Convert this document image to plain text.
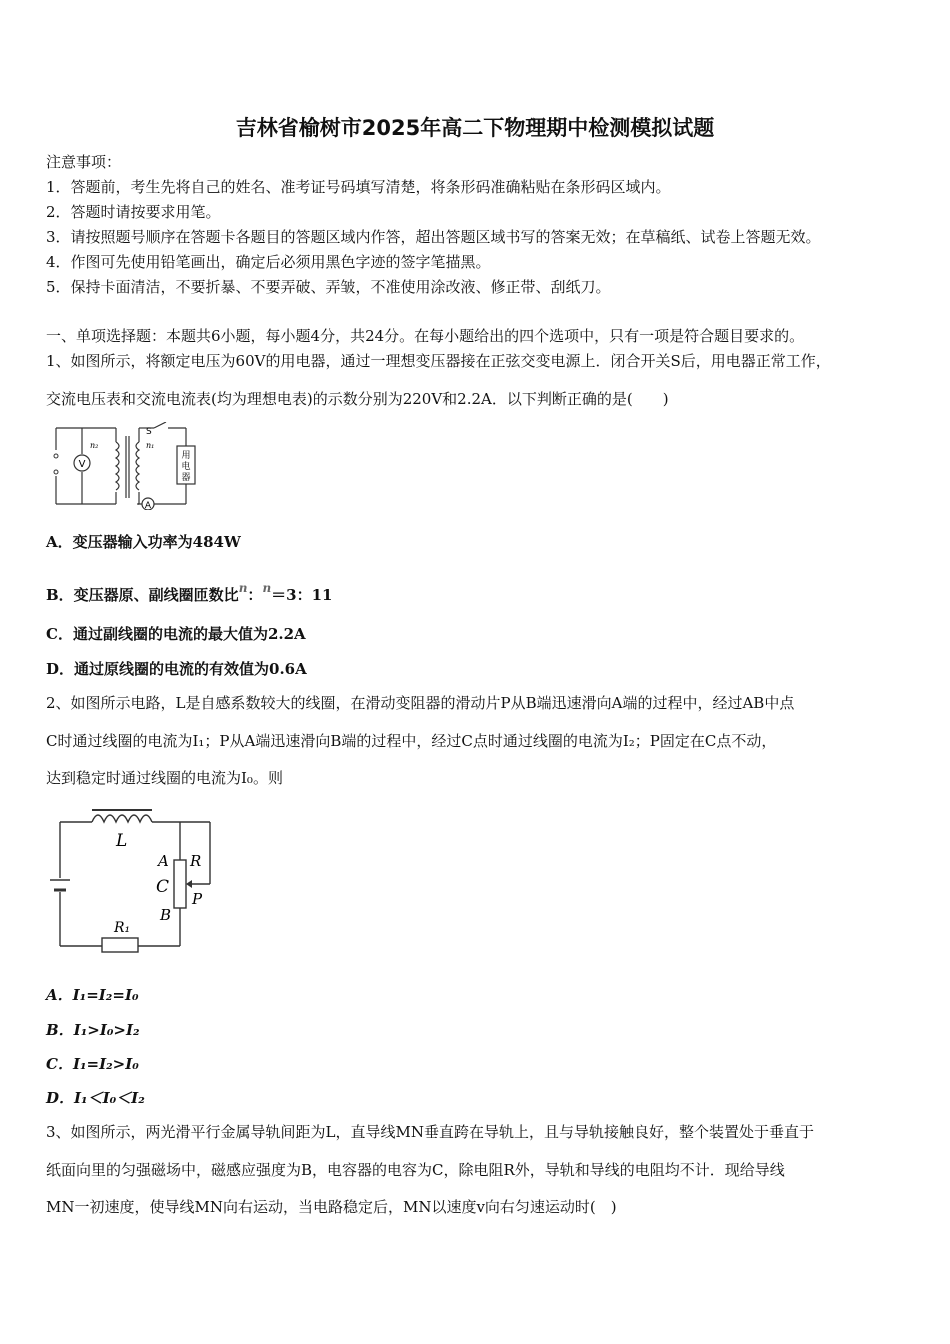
吉林省榆树市2025年高二下物理期中检测模拟试题
注意事项：
1．答题前，考生先将自己的姓名、准考证号码填写清楚，将条形码准确粘贴在条形码区域内。
2．答题时请按要求用笔。
3．请按照题号顺序在答题卡各题目的答题区域内作答，超出答题区域书写的答案无效；在草稿纸、试卷上答题无效。
4．作图可先使用铅笔画出，确定后必须用黑色字迹的签字笔描黑。
5．保持卡面清洁，不要折暴、不要弄破、弄皱，不准使用涂改液、修正带、刮纸刀。
一、单项选择题：本题共6小题，每小题4分，共24分。在每小题给出的四个选项中，只有一项是符合题目要求的。
1、如图所示，将额定电压为60V的用电器，通过一理想变压器接在正弦交变电源上．闭合开关S后，用电器正常工作，
交流电压表和交流电流表(均为理想电表)的示数分别为220V和2.2A．以下判断正确的是(　　)
V
A
n₂	n₁
S
用
电
器
A．变压器输入功率为484W
B．变压器原、副线圈匝数比$^n$：$^n$＝3：11
C．通过副线圈的电流的最大值为2.2A
D．通过原线圈的电流的有效值为0.6A
2、如图所示电路，L是自感系数较大的线圈，在滑动变阻器的滑动片P从B端迅速滑向A端的过程中，经过AB中点
C时通过线圈的电流为I₁；P从A端迅速滑向B端的过程中，经过C点时通过线圈的电流为I₂；P固定在C点不动，
达到稳定时通过线圈的电流为I₀。则
L
A
C
B
R
P
R₁
A．I₁=I₂=I₀
B．I₁>I₀>I₂
C．I₁=I₂>I₀
D．I₁＜I₀＜I₂
3、如图所示，两光滑平行金属导轨间距为L，直导线MN垂直跨在导轨上，且与导轨接触良好，整个装置处于垂直于
纸面向里的匀强磁场中，磁感应强度为B，电容器的电容为C，除电阻R外，导轨和导线的电阻均不计．现给导线
MN一初速度，使导线MN向右运动，当电路稳定后，MN以速度v向右匀速运动时(　)
